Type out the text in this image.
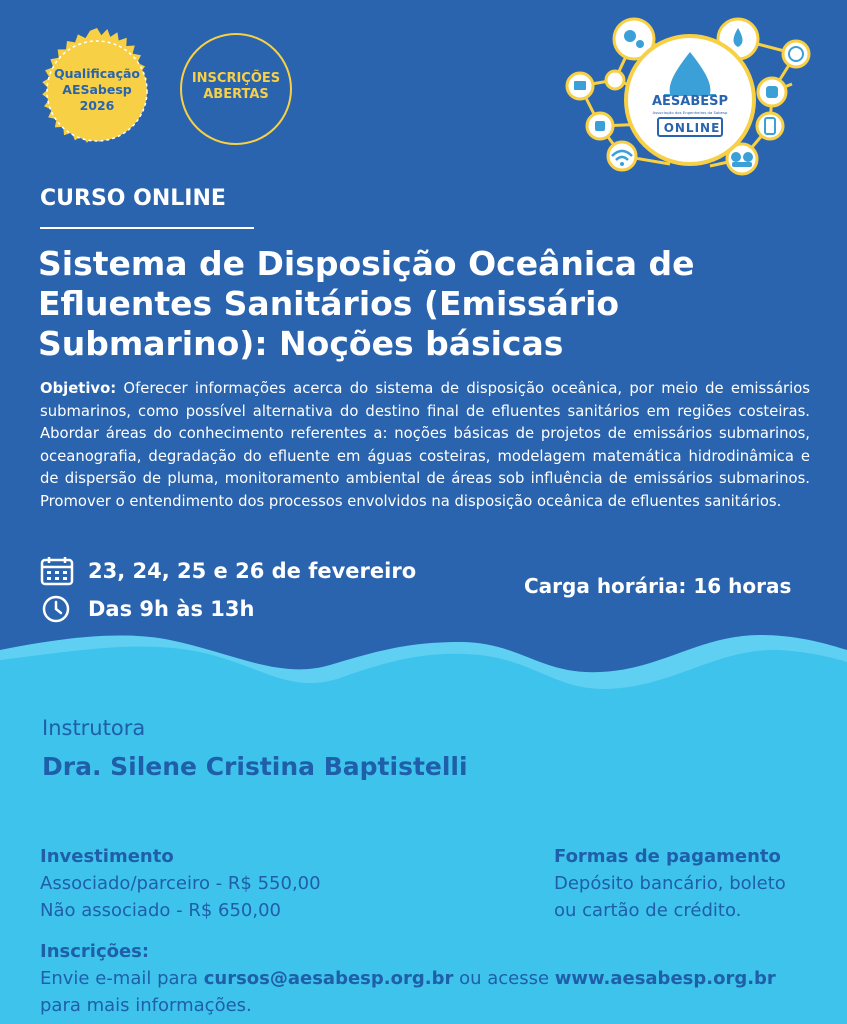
Qualificação
AESabesp
2026
INSCRIÇÕES
ABERTAS	AESABESP
Associação dos Engenheiros da Sabesp
ONLINE
CURSO ONLINE
Sistema de Disposição Oceânica de Efluentes Sanitários (Emissário Submarino): Noções básicas
Objetivo: Oferecer informações acerca do sistema de disposição oceânica, por meio de emissários submarinos, como possível alternativa do destino final de efluentes sanitários em regiões costeiras. Abordar áreas do conhecimento referentes a: noções básicas de projetos de emissários submarinos, oceanografia, degradação do efluente em águas costeiras, modelagem matemática hidrodinâmica e de dispersão de pluma, monitoramento ambiental de áreas sob influência de emissários submarinos. Promover o entendimento dos processos envolvidos na disposição oceânica de efluentes sanitários.
23, 24, 25 e 26 de fevereiro
Das 9h às 13h
Carga horária: 16 horas
Instrutora
Dra. Silene Cristina Baptistelli
Investimento
Associado/parceiro - R$ 550,00
Não associado - R$ 650,00
Formas de pagamento
Depósito bancário, boleto
ou cartão de crédito.
Inscrições:
Envie e-mail para cursos@aesabesp.org.br ou acesse www.aesabesp.org.br
para mais informações.
